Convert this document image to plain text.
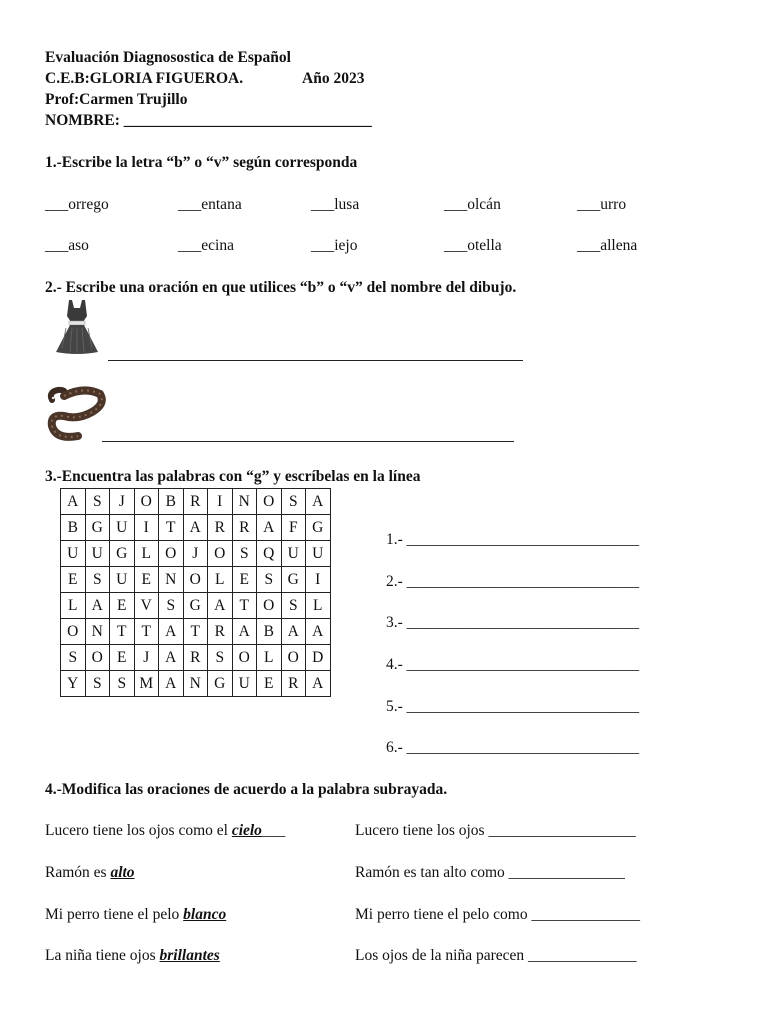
Evaluación Diagnosostica de Español
C.E.B:GLORIA FIGUEROA.	Año 2023
Prof:Carmen Trujillo
NOMBRE: ________________________________
1.-Escribe la letra “b” o “v” según corresponda
___orrego	___entana	___lusa	___olcán	___urro
___aso	___ecina	___iejo	___otella	___allena
2.- Escribe una oración en que utilices “b” o “v” del nombre del dibujo.
3.-Encuentra las palabras con “g” y escríbelas en la línea
A	S	J	O	B	R	I	N	O	S	A
B	G	U	I	T	A	R	R	A	F	G
U	U	G	L	O	J	O	S	Q	U	U
E	S	U	E	N	O	L	E	S	G	I
L	A	E	V	S	G	A	T	O	S	L
O	N	T	T	A	T	R	A	B	A	A
S	O	E	J	A	R	S	O	L	O	D
Y	S	S	M	A	N	G	U	E	R	A
1.- ______________________________
2.- ______________________________
3.- ______________________________
4.- ______________________________
5.- ______________________________
6.- ______________________________
4.-Modifica las oraciones de acuerdo a la palabra subrayada.
Lucero tiene los ojos como el cielo___	Lucero tiene los ojos ___________________
Ramón es alto	Ramón es tan alto como _______________
Mi perro tiene el pelo blanco	Mi perro tiene el pelo como ______________
La niña tiene ojos brillantes	Los ojos de la niña parecen ______________
